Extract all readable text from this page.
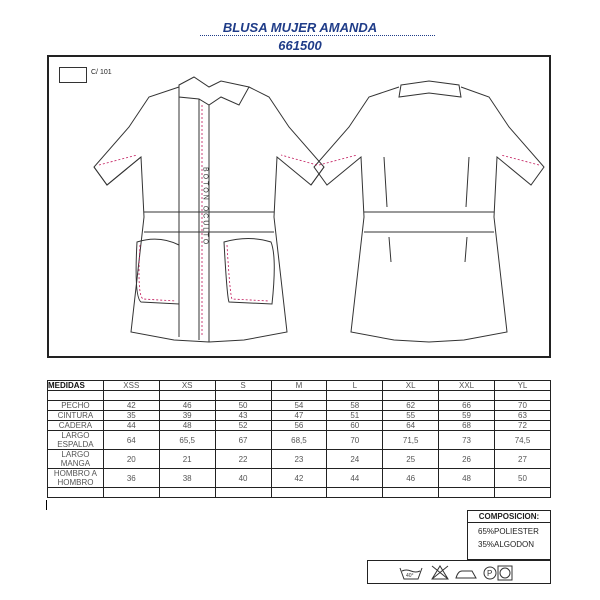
BLUSA MUJER AMANDA
661500
C/ 101
BOTON OCULTO
MEDIDAS	XSS	XS	S	M	L	XL	XXL	YL

PECHO	42	46	50	54	58	62	66	70
CINTURA	35	39	43	47	51	55	59	63
CADERA	44	48	52	56	60	64	68	72
LARGO ESPALDA	64	65,5	67	68,5	70	71,5	73	74,5
LARGO MANGA	20	21	22	23	24	25	26	27
HOMBRO A HOMBRO	36	38	40	42	44	46	48	50

COMPOSICION:
65%POLIESTER
35%ALGODON
40°	P
